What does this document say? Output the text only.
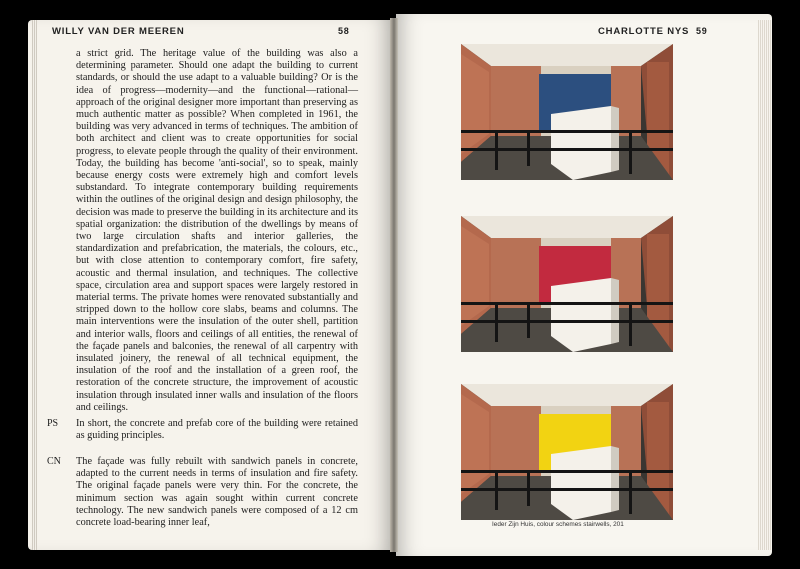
WILLY VAN DER MEEREN	58	CHARLOTTE NYS 59

a strict grid. The heritage value of the building was also a determining parameter. Should one adapt the building to current standards, or should the use adapt to a valuable building? Or is the idea of progress—modernity—and the functional—rational—approach of the original designer more important than preserving as much authentic matter as possible? When completed in 1961, the building was very advanced in terms of techniques. The ambition of both architect and client was to create opportunities for social progress, to elevate people through the quality of their environment. Today, the building has become 'anti-social', so to speak, mainly because energy costs were extremely high and comfort levels substandard. To integrate contemporary building requirements within the outlines of the original design and design philosophy, the decision was made to preserve the building in its architecture and its spatial organization: the distribution of the dwellings by means of two large circulation shafts and interior galleries, the standardization and prefabrication, the materials, the colours, etc., but with close attention to contemporary comfort, fire safety, acoustic and thermal insulation, and techniques. The collective space, circulation area and support spaces were largely restored in material terms. The private homes were renovated substantially and stripped down to the hollow core slabs, beams and columns. The main interventions were the insulation of the outer shell, partition and interior walls, floors and ceilings of all entities, the renewal of the façade panels and balconies, the renewal of all carpentry with insulated joinery, the renewal of all technical equipment, the insulation of the roof and the installation of a green roof, the restoration of the concrete structure, the improvement of acoustic insulation through insulated inner walls and insulation of the floors and ceilings.

PS In short, the concrete and prefab core of the building were retained as guiding principles.

CN The façade was fully rebuilt with sandwich panels in concrete, adapted to the current needs in terms of insulation and fire safety. The original façade panels were very thin. For the concrete, the minimum section was again sought within current concrete technology. The new sandwich panels were composed of a 12 cm concrete load-bearing inner leaf,	Ieder Zijn Huis, colour schemes stairwells, 201
